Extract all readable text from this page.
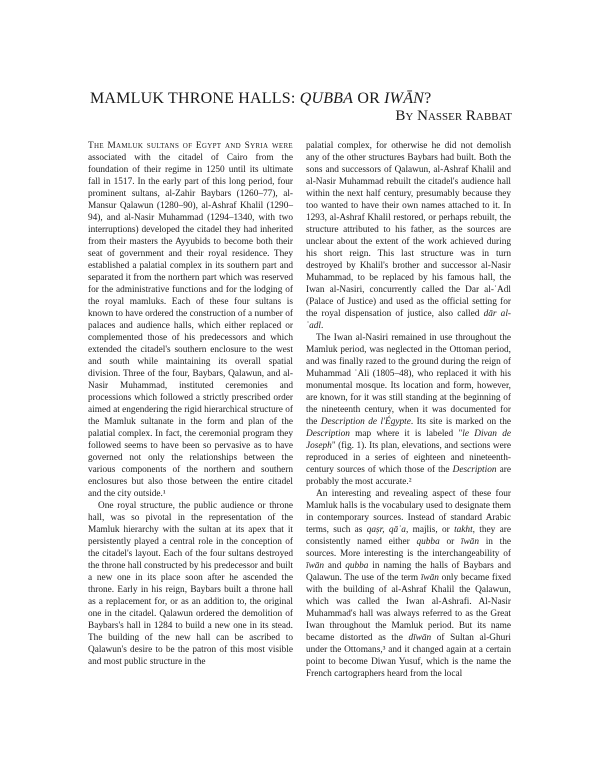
MAMLUK THRONE HALLS: QUBBA OR IWĀN?
By Nasser Rabbat

The Mamluk sultans of Egypt and Syria were associated with the citadel of Cairo from the foundation of their regime in 1250 until its ultimate fall in 1517. In the early part of this long period, four prominent sultans, al-Zahir Baybars (1260–77), al-Mansur Qalawun (1280–90), al-Ashraf Khalil (1290–94), and al-Nasir Muhammad (1294–1340, with two interruptions) developed the citadel they had inherited from their masters the Ayyubids to become both their seat of government and their royal residence. They established a palatial complex in its southern part and separated it from the northern part which was reserved for the administrative functions and for the lodging of the royal mamluks. Each of these four sultans is known to have ordered the construction of a number of palaces and audience halls, which either replaced or complemented those of his predecessors and which extended the citadel's southern enclosure to the west and south while maintaining its overall spatial division. Three of the four, Baybars, Qalawun, and al-Nasir Muhammad, instituted ceremonies and processions which followed a strictly prescribed order aimed at engendering the rigid hierarchical structure of the Mamluk sultanate in the form and plan of the palatial complex. In fact, the ceremonial program they followed seems to have been so pervasive as to have governed not only the relationships between the various components of the northern and southern enclosures but also those between the entire citadel and the city outside.¹

One royal structure, the public audience or throne hall, was so pivotal in the representation of the Mamluk hierarchy with the sultan at its apex that it persistently played a central role in the conception of the citadel's layout. Each of the four sultans destroyed the throne hall constructed by his predecessor and built a new one in its place soon after he ascended the throne. Early in his reign, Baybars built a throne hall as a replacement for, or as an addition to, the original one in the citadel. Qalawun ordered the demolition of Baybars's hall in 1284 to build a new one in its stead. The building of the new hall can be ascribed to Qalawun's desire to be the patron of this most visible and most public structure in the

palatial complex, for otherwise he did not demolish any of the other structures Baybars had built. Both the sons and successors of Qalawun, al-Ashraf Khalil and al-Nasir Muhammad rebuilt the citadel's audience hall within the next half century, presumably because they too wanted to have their own names attached to it. In 1293, al-Ashraf Khalil restored, or perhaps rebuilt, the structure attributed to his father, as the sources are unclear about the extent of the work achieved during his short reign. This last structure was in turn destroyed by Khalil's brother and successor al-Nasir Muhammad, to be replaced by his famous hall, the Iwan al-Nasiri, concurrently called the Dar al-ʿAdl (Palace of Justice) and used as the official setting for the royal dispensation of justice, also called dār al-ʿadl.

The Iwan al-Nasiri remained in use throughout the Mamluk period, was neglected in the Ottoman period, and was finally razed to the ground during the reign of Muhammad ʿAli (1805–48), who replaced it with his monumental mosque. Its location and form, however, are known, for it was still standing at the beginning of the nineteenth century, when it was documented for the Description de l'Égypte. Its site is marked on the Description map where it is labeled "le Divan de Joseph" (fig. 1). Its plan, elevations, and sections were reproduced in a series of eighteen and nineteenth-century sources of which those of the Description are probably the most accurate.²

An interesting and revealing aspect of these four Mamluk halls is the vocabulary used to designate them in contemporary sources. Instead of standard Arabic terms, such as qaṣr, qāʿa, majlis, or takht, they are consistently named either qubba or īwān in the sources. More interesting is the interchangeability of īwān and qubba in naming the halls of Baybars and Qalawun. The use of the term īwān only became fixed with the building of al-Ashraf Khalil the Qalawun, which was called the Iwan al-Ashrafi. Al-Nasir Muhammad's hall was always referred to as the Great Iwan throughout the Mamluk period. But its name became distorted as the dīwān of Sultan al-Ghuri under the Ottomans,³ and it changed again at a certain point to become Diwan Yusuf, which is the name the French cartographers heard from the local
